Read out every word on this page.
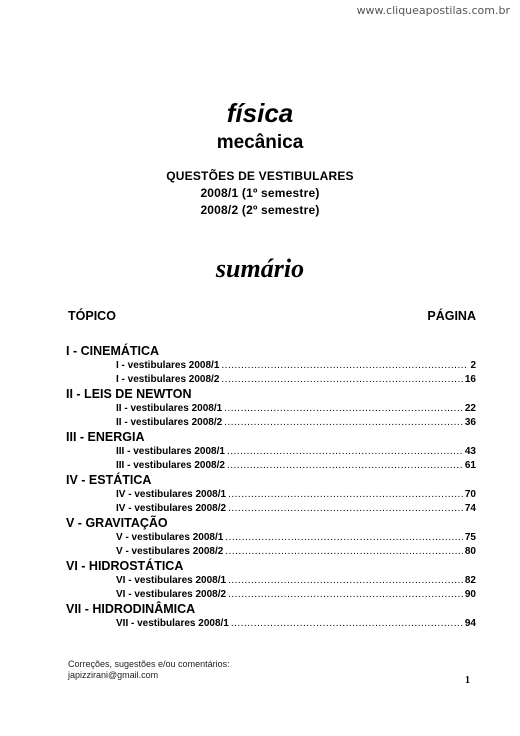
www.cliqueapostilas.com.br
física
mecânica
QUESTÕES DE VESTIBULARES
2008/1 (1º semestre)
2008/2 (2º semestre)
sumário
TÓPICO	PÁGINA
I - CINEMÁTICA
I - vestibulares 2008/1 .....	2
I - vestibulares 2008/2 .....	16
II - LEIS DE NEWTON
II - vestibulares 2008/1 .....	22
II - vestibulares 2008/2 .....	36
III - ENERGIA
III - vestibulares 2008/1 .....	43
III - vestibulares 2008/2 .....	61
IV - ESTÁTICA
IV - vestibulares 2008/1 .....	70
IV - vestibulares 2008/2 .....	74
V - GRAVITAÇÃO
V - vestibulares 2008/1 .....	75
V - vestibulares 2008/2 .....	80
VI - HIDROSTÁTICA
VI - vestibulares 2008/1 .....	82
VI - vestibulares 2008/2 .....	90
VII - HIDRODINÂMICA
VII - vestibulares 2008/1 .....	94
Correções, sugestões e/ou comentários:
japizzirani@gmail.com	1
